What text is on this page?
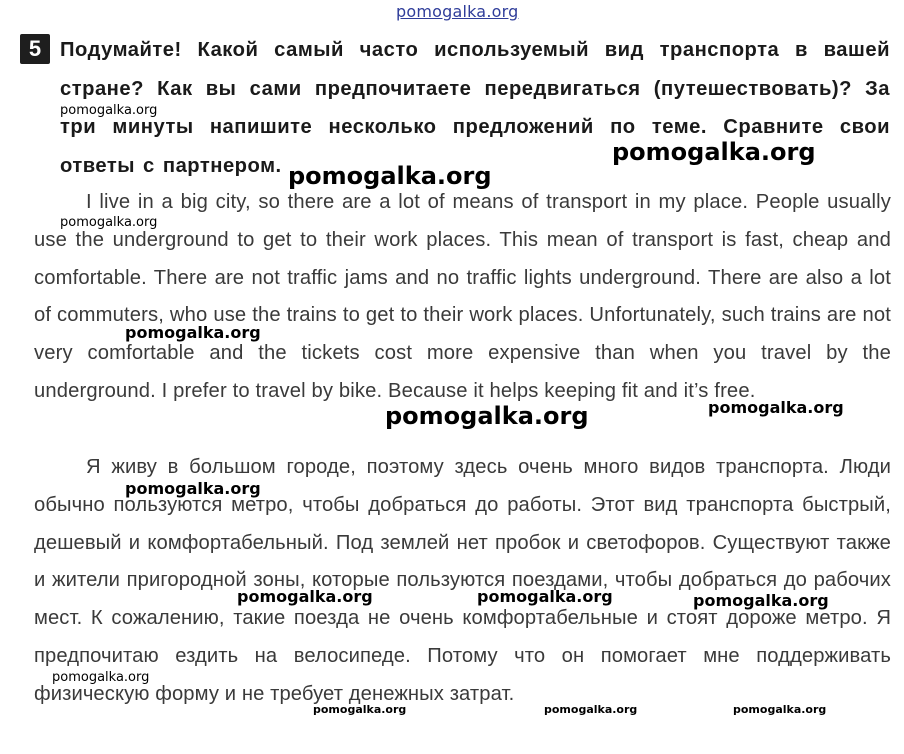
5 Подумайте! Какой самый часто используемый вид транспорта в вашей стране? Как вы сами предпочитаете передвигаться (путешествовать)? За три минуты напишите несколько предложений по теме. Сравните свои ответы с партнером.

I live in a big city, so there are a lot of means of transport in my place. People usually use the underground to get to their work places. This mean of transport is fast, cheap and comfortable. There are not traffic jams and no traffic lights underground. There are also a lot of commuters, who use the trains to get to their work places. Unfortunately, such trains are not very comfortable and the tickets cost more expensive than when you travel by the underground. I prefer to travel by bike. Because it helps keeping fit and it’s free.

Я живу в большом городе, поэтому здесь очень много видов транспорта. Люди обычно пользуются метро, чтобы добраться до работы. Этот вид транспорта быстрый, дешевый и комфортабельный. Под землей нет пробок и светофоров. Существуют также и жители пригородной зоны, которые пользуются поездами, чтобы добраться до рабочих мест. К сожалению, такие поезда не очень комфортабельные и стоят дороже метро. Я предпочитаю ездить на велосипеде. Потому что он помогает мне поддерживать физическую форму и не требует денежных затрат.

pomogalka.org
pomogalka.org
pomogalka.org
pomogalka.org
pomogalka.org
pomogalka.org
pomogalka.org	pomogalka.org
pomogalka.org
pomogalka.org	pomogalka.org	pomogalka.org
pomogalka.org
pomogalka.org	pomogalka.org	pomogalka.org
